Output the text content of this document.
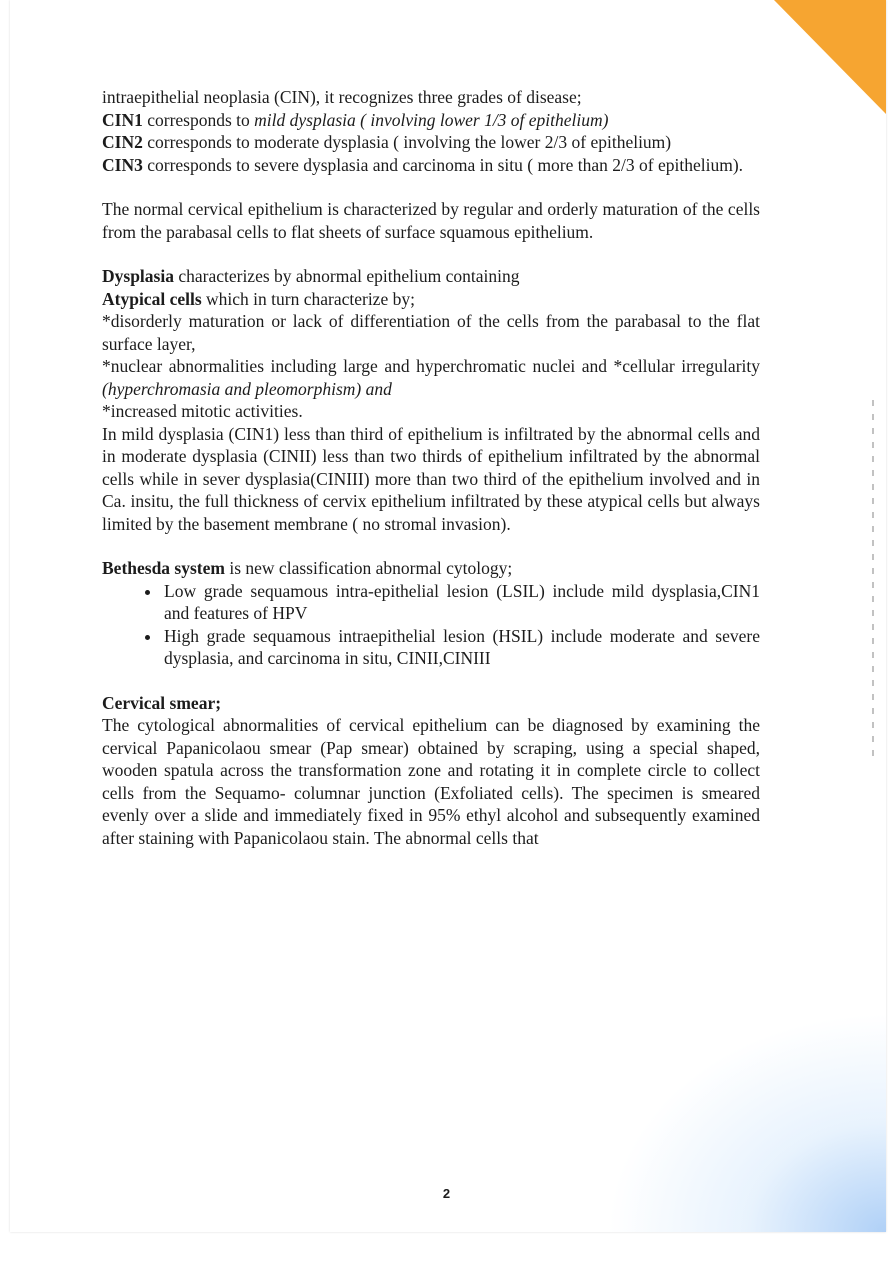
intraepithelial neoplasia (CIN), it recognizes three grades of disease;

CIN1 corresponds to mild dysplasia ( involving lower 1/3 of epithelium)

CIN2 corresponds to moderate dysplasia ( involving the lower 2/3 of epithelium)

CIN3 corresponds to severe dysplasia and carcinoma in situ ( more than 2/3 of epithelium).

The normal cervical epithelium is characterized by regular and orderly maturation of the cells from the parabasal cells to flat sheets of surface squamous epithelium.

Dysplasia characterizes by abnormal epithelium containing

Atypical cells which in turn characterize by;

*disorderly maturation or lack of differentiation of the cells from the parabasal to the flat surface layer,

*nuclear abnormalities including large and hyperchromatic nuclei and *cellular irregularity (hyperchromasia and pleomorphism) and

*increased mitotic activities.

In mild dysplasia (CIN1) less than third of epithelium is infiltrated by the abnormal cells and in moderate dysplasia (CINII) less than two thirds of epithelium infiltrated by the abnormal cells while in sever dysplasia(CINIII) more than two third of the epithelium involved and in Ca. insitu, the full thickness of cervix epithelium infiltrated by these atypical cells but always limited by the basement membrane ( no stromal invasion).

Bethesda system is new classification abnormal cytology;

• Low grade sequamous intra-epithelial lesion (LSIL) include mild dysplasia,CIN1 and features of HPV
• High grade sequamous intraepithelial lesion (HSIL) include moderate and severe dysplasia, and carcinoma in situ, CINII,CINIII

Cervical smear;

The cytological abnormalities of cervical epithelium can be diagnosed by examining the cervical Papanicolaou smear (Pap smear) obtained by scraping, using a special shaped, wooden spatula across the transformation zone and rotating it in complete circle to collect cells from the Sequamo- columnar junction (Exfoliated cells). The specimen is smeared evenly over a slide and immediately fixed in 95% ethyl alcohol and subsequently examined after staining with Papanicolaou stain. The abnormal cells that

2
